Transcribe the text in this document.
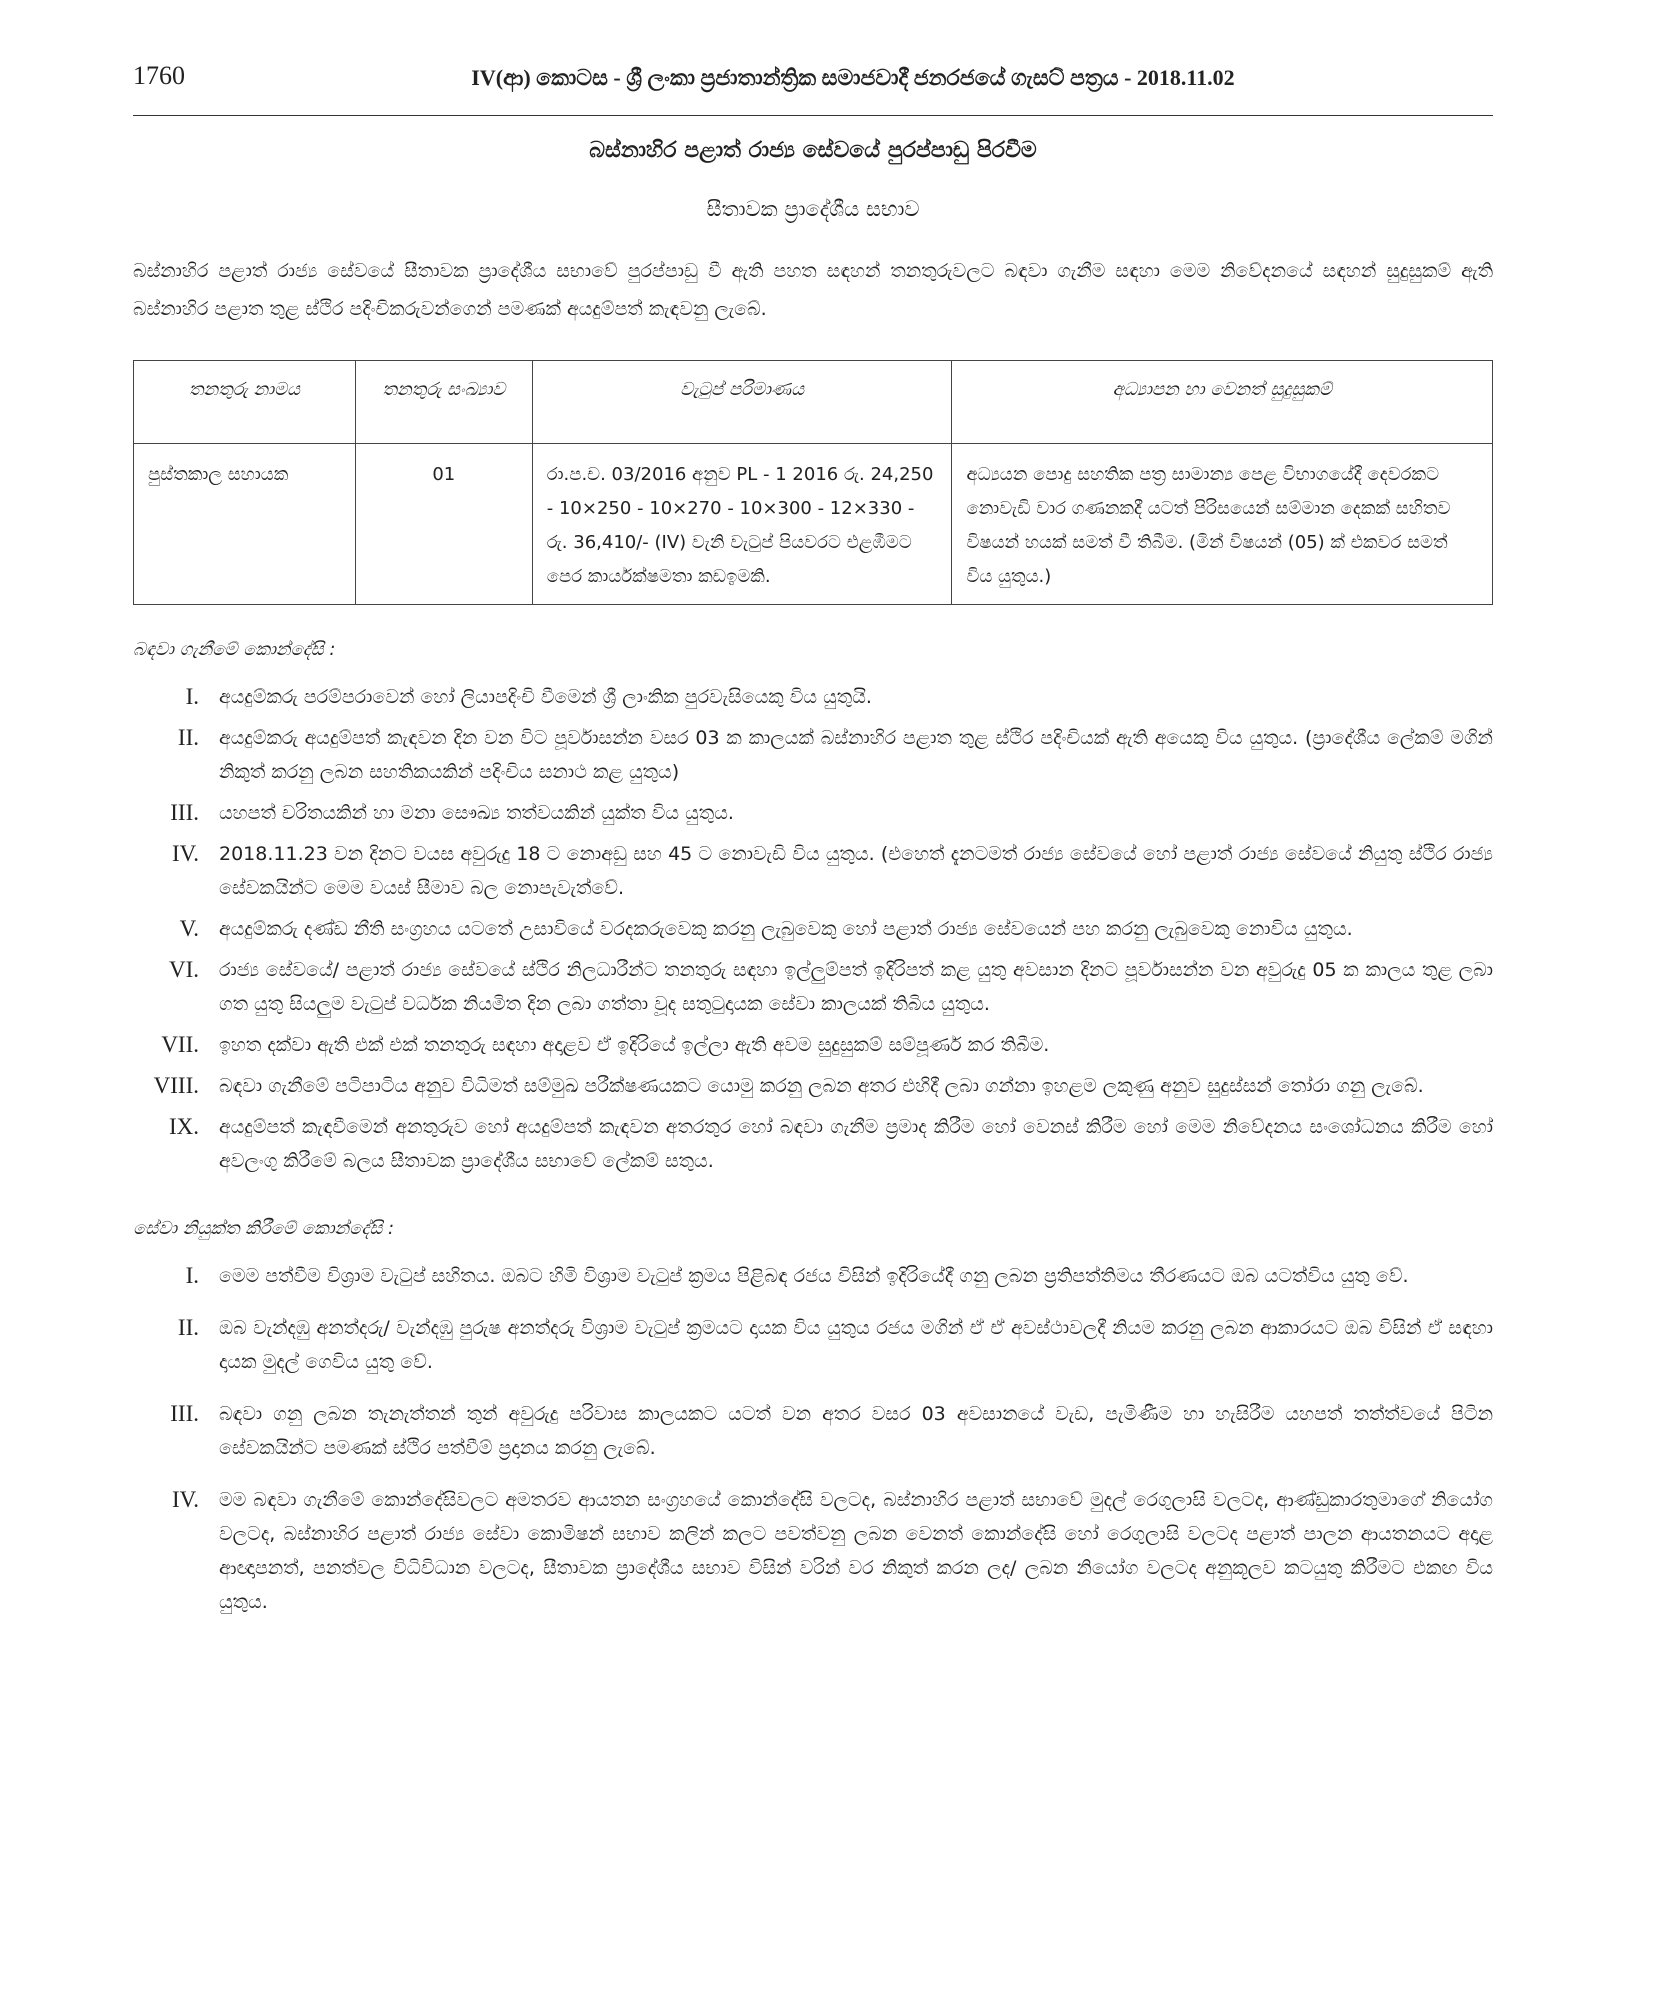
1760	IV(ආ) කොටස - ශ්‍රී ලංකා ප්‍රජාතාන්ත්‍රික සමාජවාදී ජනරජයේ ගැසට් පත්‍රය - 2018.11.02
බස්නාහිර පළාත් රාජ්‍ය සේවයේ පුරප්පාඩු පිරවීම
සීතාවක ප්‍රාදේශීය සභාව

බස්නාහිර පළාත් රාජ්‍ය සේවයේ සීතාවක ප්‍රාදේශීය සභාවේ පුරප්පාඩු වී ඇති පහත සඳහන් තනතුරුවලට බඳවා ගැනීම සඳහා මෙම නිවේදනයේ සඳහන් සුදුසුකම් ඇති බස්නාහිර පළාත තුළ ස්ථිර පදිංචිකරුවන්ගෙන් පමණක් අයදුම්පත් කැඳවනු ලැබේ.

තනතුරු නාමය	තනතුරු සංඛ්‍යාව	වැටුප් පරිමාණය	අධ්‍යාපන හා වෙනත් සුදුසුකම්
පුස්තකාල සහායක	01	රා.ප.ච. 03/2016 අනුව PL - 1 2016 රු. 24,250 - 10×250 - 10×270 - 10×300 - 12×330 - රු. 36,410/- (IV) වැනි වැටුප් පියවරට එළඹීමට පෙර කාර්යක්ෂමතා කඩඉමකි.	අධ්‍යයන පොදු සහතික පත්‍ර සාමාන්‍ය පෙළ විභාගයේදී දෙවරකට නොවැඩි වාර ගණනකදී යටත් පිරිසයෙන් සම්මාන දෙකක් සහිතව විෂයන් හයක් සමත් වී තිබීම. (මින් විෂයන් (05) ක් එකවර සමත් විය යුතුය.)
බඳවා ගැනීමේ කොන්දේසි :
I. අයදුම්කරු පරම්පරාවෙන් හෝ ලියාපදිංචි වීමෙන් ශ්‍රී ලාංකික පුරවැසියෙකු විය යුතුයි.
II. අයදුම්කරු අයදුම්පත් කැඳවන දින වන විට පූර්වාසන්න වසර 03 ක කාලයක් බස්නාහිර පළාත තුළ ස්ථිර පදිංචියක් ඇති අයෙකු විය යුතුය. (ප්‍රාදේශීය ලේකම් මගින් නිකුත් කරනු ලබන සහතිකයකින් පදිංචිය සනාථ කළ යුතුය)
III. යහපත් චරිතයකින් හා මනා සෞඛ්‍ය තත්වයකින් යුක්ත විය යුතුය.
IV. 2018.11.23 වන දිනට වයස අවුරුදු 18 ට නොඅඩු සහ 45 ට නොවැඩි විය යුතුය. (එහෙත් දැනටමත් රාජ්‍ය සේවයේ හෝ පළාත් රාජ්‍ය සේවයේ නියුතු ස්ථිර රාජ්‍ය සේවකයින්ට මෙම වයස් සීමාව බල නොපැවැත්වේ.
V. අයදුම්කරු දණ්ඩ නීති සංග්‍රහය යටතේ උසාවියේ වරදකරුවෙකු කරනු ලැබුවෙකු හෝ පළාත් රාජ්‍ය සේවයෙන් පහ කරනු ලැබුවෙකු නොවිය යුතුය.
VI. රාජ්‍ය සේවයේ/ පළාත් රාජ්‍ය සේවයේ ස්ථිර නිලධාරීන්ට තනතුරු සඳහා ඉල්ලුම්පත් ඉදිරිපත් කළ යුතු අවසාන දිනට පූර්වාසන්න වන අවුරුදු 05 ක කාලය තුළ ලබා ගත යුතු සියලුම වැටුප් වර්ධක නියමිත දින ලබා ගත්තා වූද සතුටුදායක සේවා කාලයක් තිබිය යුතුය.
VII. ඉහත දක්වා ඇති එක් එක් තනතුරු සඳහා අදාළව ඒ ඉදිරියේ ඉල්ලා ඇති අවම සුදුසුකම් සම්පූර්ණ කර තිබීම.
VIII. බඳවා ගැනීමේ පටිපාටිය අනුව විධිමත් සම්මුඛ පරීක්ෂණයකට යොමු කරනු ලබන අතර එහිදී ලබා ගන්නා ඉහළම ලකුණු අනුව සුදුස්සන් තෝරා ගනු ලැබේ.
IX. අයදුම්පත් කැඳවීමෙන් අනතුරුව හෝ අයදුම්පත් කැඳවන අතරතුර හෝ බඳවා ගැනීම ප්‍රමාද කිරීම හෝ වෙනස් කිරීම හෝ මෙම නිවේදනය සංශෝධනය කිරීම හෝ අවලංගු කිරීමේ බලය සීතාවක ප්‍රාදේශීය සභාවේ ලේකම් සතුය.
සේවා නියුක්ත කිරීමේ කොන්දේසි :
I. මෙම පත්වීම විශ්‍රාම වැටුප් සහිතය. ඔබට හිමි විශ්‍රාම වැටුප් ක්‍රමය පිළිබඳ රජය විසින් ඉදිරියේදී ගනු ලබන ප්‍රතිපත්තිමය තීරණයට ඔබ යටත්විය යුතු වේ.
II. ඔබ වැන්දඹු අනත්දරු/ වැන්දඹු පුරුෂ අනත්දරු විශ්‍රාම වැටුප් ක්‍රමයට දායක විය යුතුය රජය මගින් ඒ ඒ අවස්ථාවලදී නියම කරනු ලබන ආකාරයට ඔබ විසින් ඒ සඳහා දායක මුදල් ගෙවිය යුතු වේ.
III. බඳවා ගනු ලබන තැනැත්තන් තුන් අවුරුදු පරිවාස කාලයකට යටත් වන අතර වසර 03 අවසානයේ වැඩ, පැමිණීම හා හැසිරීම යහපත් තත්ත්වයේ පිටින සේවකයින්ට පමණක් ස්ථිර පත්වීම් ප්‍රදානය කරනු ලැබේ.
IV. මම බඳවා ගැනීමේ කොන්දේසිවලට අමතරව ආයතන සංග්‍රහයේ කොන්දේසි වලටද, බස්නාහිර පළාත් සභාවේ මුදල් රෙගුලාසි වලටද, ආණ්ඩුකාරතුමාගේ නියෝග වලටද, බස්නාහිර පළාත් රාජ්‍ය සේවා කොමිෂන් සභාව කලින් කලට පවත්වනු ලබන වෙනත් කොන්දේසි හෝ රෙගුලාසි වලටද පළාත් පාලන ආයතනයට අදාළ ආඥාපනත්, පනත්වල විධිවිධාන වලටද, සීතාවක ප්‍රාදේශීය සභාව විසින් වරින් වර නිකුත් කරන ලද/ ලබන නියෝග වලටද අනුකූලව කටයුතු කිරීමට එකඟ විය යුතුය.
